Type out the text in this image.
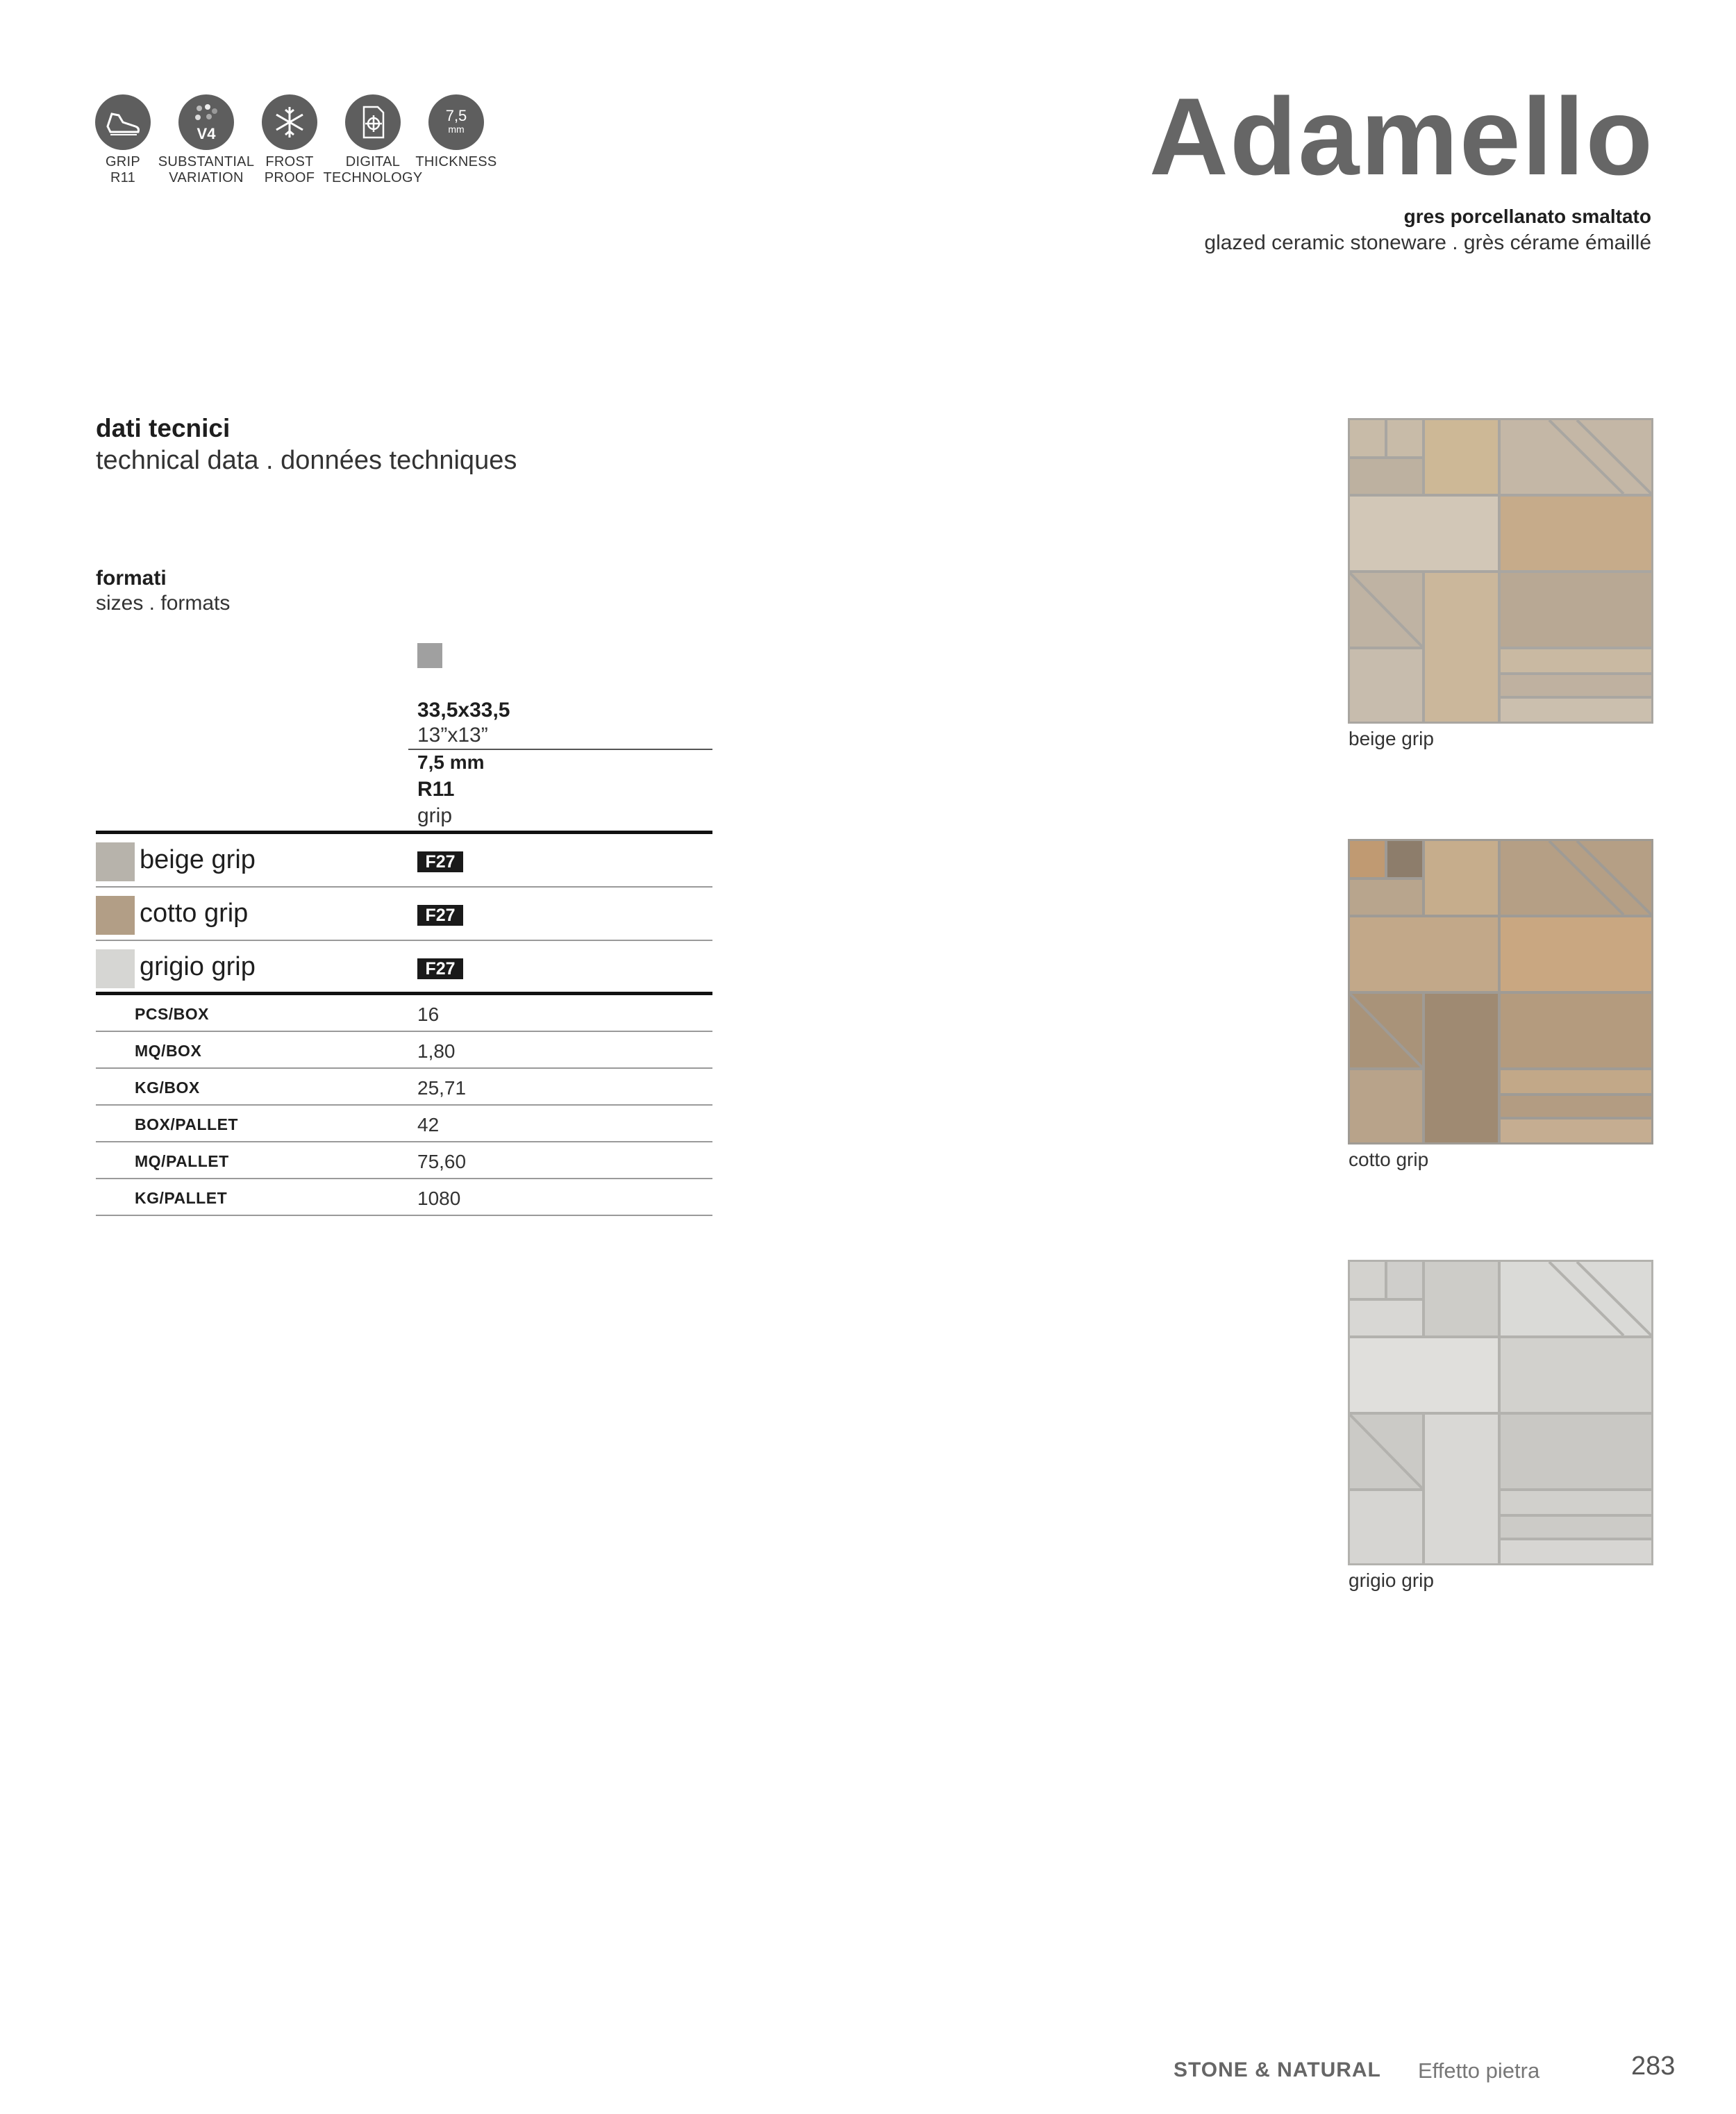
GRIP
R11
V4
SUBSTANTIAL
VARIATION
FROST
PROOF
DIGITAL
TECHNOLOGY
7,5
mm
THICKNESS	Adamello
gres porcellanato smaltato
glazed ceramic stoneware . grès cérame émaillé
dati tecnici
technical data . données techniques
formati
sizes . formats
33,5x33,5
13”x13”
7,5 mm
R11
grip
beige grip	F27
cotto grip	F27
grigio grip	F27
PCS/BOX	16
MQ/BOX	1,80
KG/BOX	25,71
BOX/PALLET	42
MQ/PALLET	75,60
KG/PALLET	1080
beige grip
cotto grip
grigio grip
STONE & NATURAL Effetto pietra	283
